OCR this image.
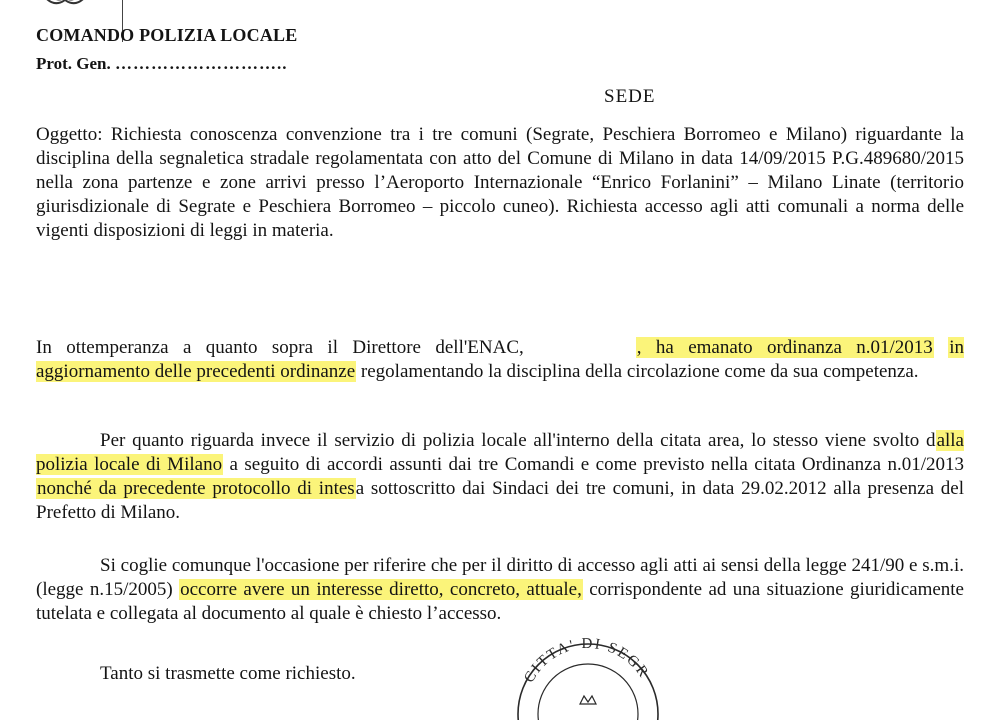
COMANDO POLIZIA LOCALE
Prot. Gen. ………………………..
SEDE
Oggetto: Richiesta conoscenza convenzione tra i tre comuni (Segrate, Peschiera Borromeo e Milano) riguardante la disciplina della segnaletica stradale regolamentata con atto del Comune di Milano in data 14/09/2015 P.G.489680/2015 nella zona partenze e zone arrivi presso l’Aeroporto Internazionale “Enrico Forlanini” – Milano Linate (territorio giurisdizionale di Segrate e Peschiera Borromeo – piccolo cuneo). Richiesta accesso agli atti comunali a norma delle vigenti disposizioni di leggi in materia.
In ottemperanza a quanto sopra il Direttore dell'ENAC,	, ha emanato ordinanza n.01/2013 in aggiornamento delle precedenti ordinanze regolamentando la disciplina della circolazione come da sua competenza.
Per quanto riguarda invece il servizio di polizia locale all'interno della citata area, lo stesso viene svolto dalla polizia locale di Milano a seguito di accordi assunti dai tre Comandi e come previsto nella citata Ordinanza n.01/2013 nonché da precedente protocollo di intesa sottoscritto dai Sindaci dei tre comuni, in data 29.02.2012 alla presenza del Prefetto di Milano.
Si coglie comunque l'occasione per riferire che per il diritto di accesso agli atti ai sensi della legge 241/90 e s.m.i. (legge n.15/2005) occorre avere un interesse diretto, concreto, attuale, corrispondente ad una situazione giuridicamente tutelata e collegata al documento al quale è chiesto l’accesso.
Tanto si trasmette come richiesto.	CITTA' DI SEGR
